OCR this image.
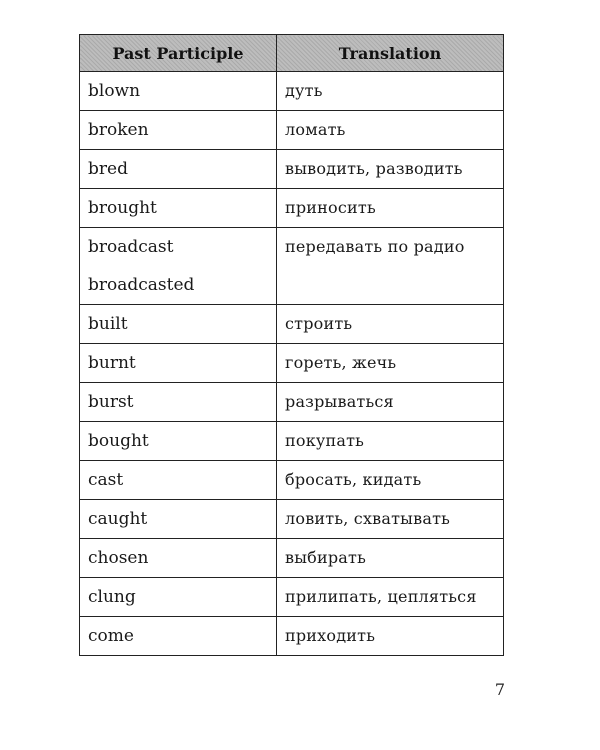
Past Participle	Translation

blown	дуть

broken	ломать

bred	выводить, разводить

brought	приносить

broadcast
broadcasted	передавать по радио

built	строить

burnt	гореть, жечь

burst	разрываться

bought	покупать

cast	бросать, кидать

caught	ловить, схватывать

chosen	выбирать

clung	прилипать, цепляться

come	приходить
7
